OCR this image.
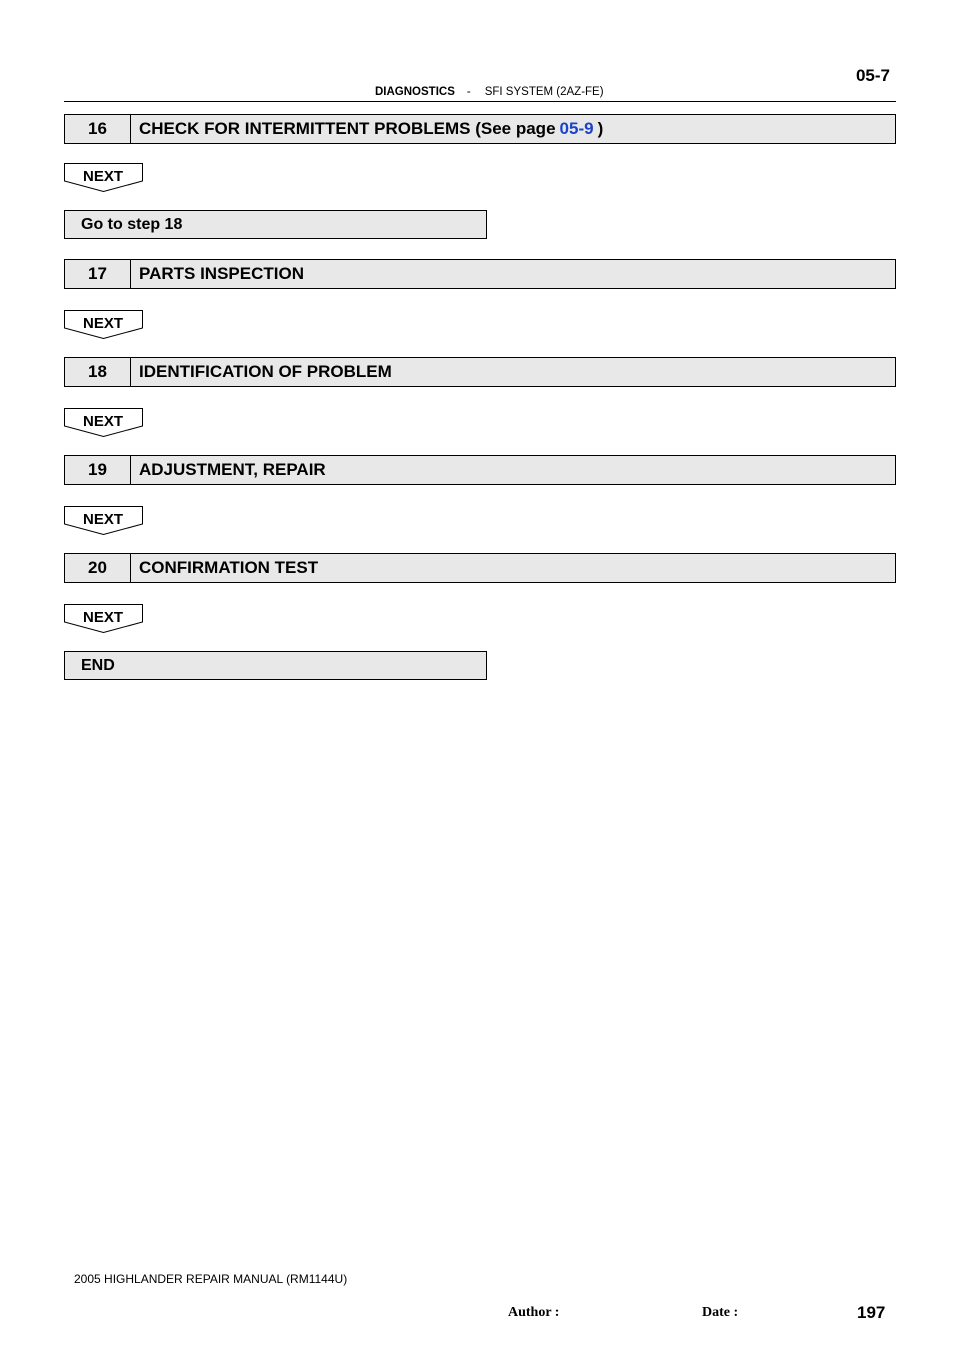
05-7
DIAGNOSTICS - SFI SYSTEM (2AZ-FE)
16	CHECK FOR INTERMITTENT PROBLEMS (See page 05-9 )
NEXT
Go to step 18
17	PARTS INSPECTION
NEXT
18	IDENTIFICATION OF PROBLEM
NEXT
19	ADJUSTMENT, REPAIR
NEXT
20	CONFIRMATION TEST
NEXT
END
2005 HIGHLANDER REPAIR MANUAL (RM1144U)
Author :	Date :	197
